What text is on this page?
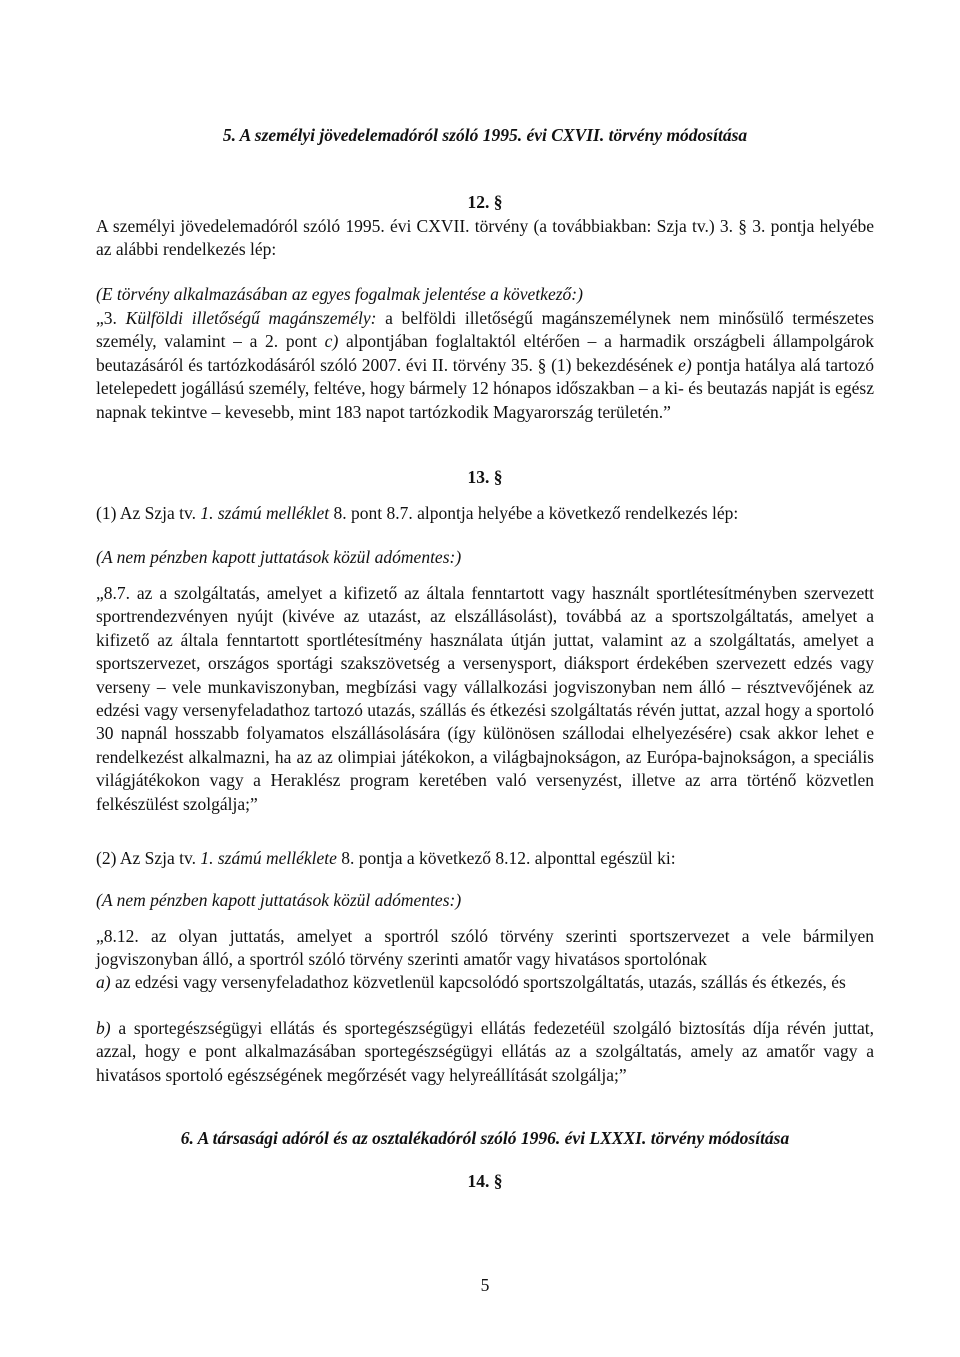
5. A személyi jövedelemadóról szóló 1995. évi CXVII. törvény módosítása
12. §

A személyi jövedelemadóról szóló 1995. évi CXVII. törvény (a továbbiakban: Szja tv.) 3. § 3. pontja helyébe az alábbi rendelkezés lép:

(E törvény alkalmazásában az egyes fogalmak jelentése a következő:)

„3. Külföldi illetőségű magánszemély: a belföldi illetőségű magánszemélynek nem minősülő természetes személy, valamint – a 2. pont c) alpontjában foglaltaktól eltérően – a harmadik országbeli állampolgárok beutazásáról és tartózkodásáról szóló 2007. évi II. törvény 35. § (1) bekezdésének e) pontja hatálya alá tartozó letelepedett jogállású személy, feltéve, hogy bármely 12 hónapos időszakban – a ki- és beutazás napját is egész napnak tekintve – kevesebb, mint 183 napot tartózkodik Magyarország területén.”

13. §

(1) Az Szja tv. 1. számú melléklet 8. pont 8.7. alpontja helyébe a következő rendelkezés lép:

(A nem pénzben kapott juttatások közül adómentes:)

„8.7. az a szolgáltatás, amelyet a kifizető az általa fenntartott vagy használt sportlétesítményben szervezett sportrendezvényen nyújt (kivéve az utazást, az elszállásolást), továbbá az a sportszolgáltatás, amelyet a kifizető az általa fenntartott sportlétesítmény használata útján juttat, valamint az a szolgáltatás, amelyet a sportszervezet, országos sportági szakszövetség a versenysport, diáksport érdekében szervezett edzés vagy verseny – vele munkaviszonyban, megbízási vagy vállalkozási jogviszonyban nem álló – résztvevőjének az edzési vagy versenyfeladathoz tartozó utazás, szállás és étkezési szolgáltatás révén juttat, azzal hogy a sportoló 30 napnál hosszabb folyamatos elszállásolására (így különösen szállodai elhelyezésére) csak akkor lehet e rendelkezést alkalmazni, ha az az olimpiai játékokon, a világbajnokságon, az Európa-bajnokságon, a speciális világjátékokon vagy a Heraklész program keretében való versenyzést, illetve az arra történő közvetlen felkészülést szolgálja;”

(2) Az Szja tv. 1. számú melléklete 8. pontja a következő 8.12. alponttal egészül ki:

(A nem pénzben kapott juttatások közül adómentes:)

„8.12. az olyan juttatás, amelyet a sportról szóló törvény szerinti sportszervezet a vele bármilyen jogviszonyban álló, a sportról szóló törvény szerinti amatőr vagy hivatásos sportolónak

a) az edzési vagy versenyfeladathoz közvetlenül kapcsolódó sportszolgáltatás, utazás, szállás és étkezés, és

b) a sportegészségügyi ellátás és sportegészségügyi ellátás fedezetéül szolgáló biztosítás díja révén juttat, azzal, hogy e pont alkalmazásában sportegészségügyi ellátás az a szolgáltatás, amely az amatőr vagy a hivatásos sportoló egészségének megőrzését vagy helyreállítását szolgálja;”

6. A társasági adóról és az osztalékadóról szóló 1996. évi LXXXI. törvény módosítása
14. §
5
